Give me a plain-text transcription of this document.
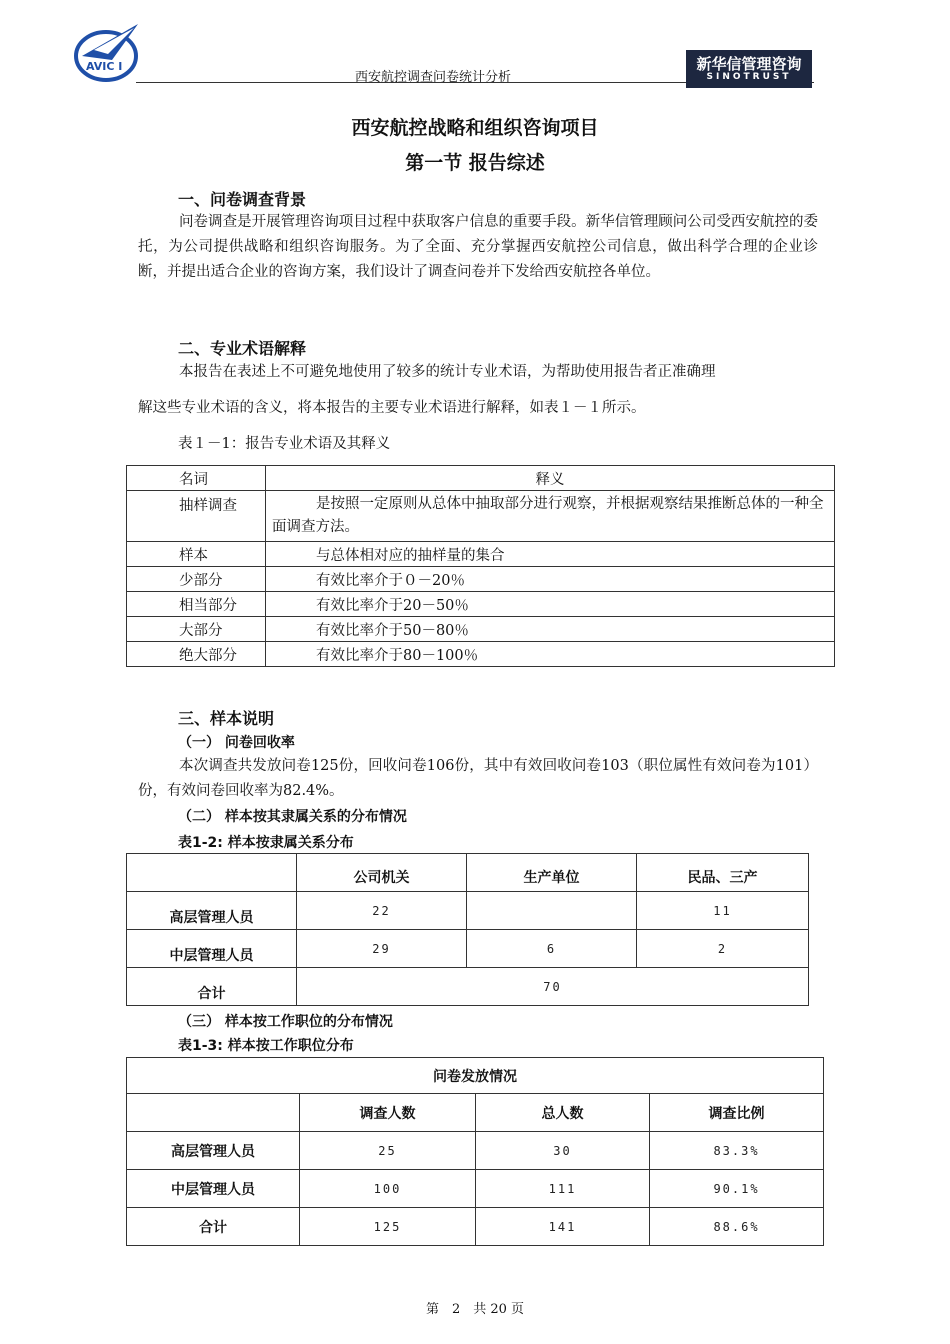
AVIC I
西安航控调查问卷统计分析
新华信管理咨询
SINOTRUST
西安航控战略和组织咨询项目
第一节 报告综述
一、问卷调查背景
问卷调查是开展管理咨询项目过程中获取客户信息的重要手段。新华信管理顾问公司受西安航控的委托，为公司提供战略和组织咨询服务。为了全面、充分掌握西安航控公司信息，做出科学合理的企业诊断，并提出适合企业的咨询方案，我们设计了调查问卷并下发给西安航控各单位。
二、专业术语解释
本报告在表述上不可避免地使用了较多的统计专业术语，为帮助使用报告者正准确理
解这些专业术语的含义，将本报告的主要专业术语进行解释，如表１－１所示。
表１－1：报告专业术语及其释义
名词	释义
抽样调查	是按照一定原则从总体中抽取部分进行观察，并根据观察结果推断总体的一种全面调查方法。
样本	与总体相对应的抽样量的集合
少部分	有效比率介于０－20％
相当部分	有效比率介于20－50％
大部分	有效比率介于50－80％
绝大部分	有效比率介于80－100％
三、样本说明
（一） 问卷回收率
本次调查共发放问卷125份，回收问卷106份，其中有效回收问卷103（职位属性有效问卷为101）份，有效问卷回收率为82.4%。
（二） 样本按其隶属关系的分布情况
表1-2: 样本按隶属关系分布
	公司机关	生产单位	民品、三产
高层管理人员	22		11
中层管理人员	29	6	2
合计	70		
（三） 样本按工作职位的分布情况
表1-3: 样本按工作职位分布
问卷发放情况			
	调查人数	总人数	调查比例
高层管理人员	25	30	83.3%
中层管理人员	100	111	90.1%
合计	125	141	88.6%
第　2　共 20 页
